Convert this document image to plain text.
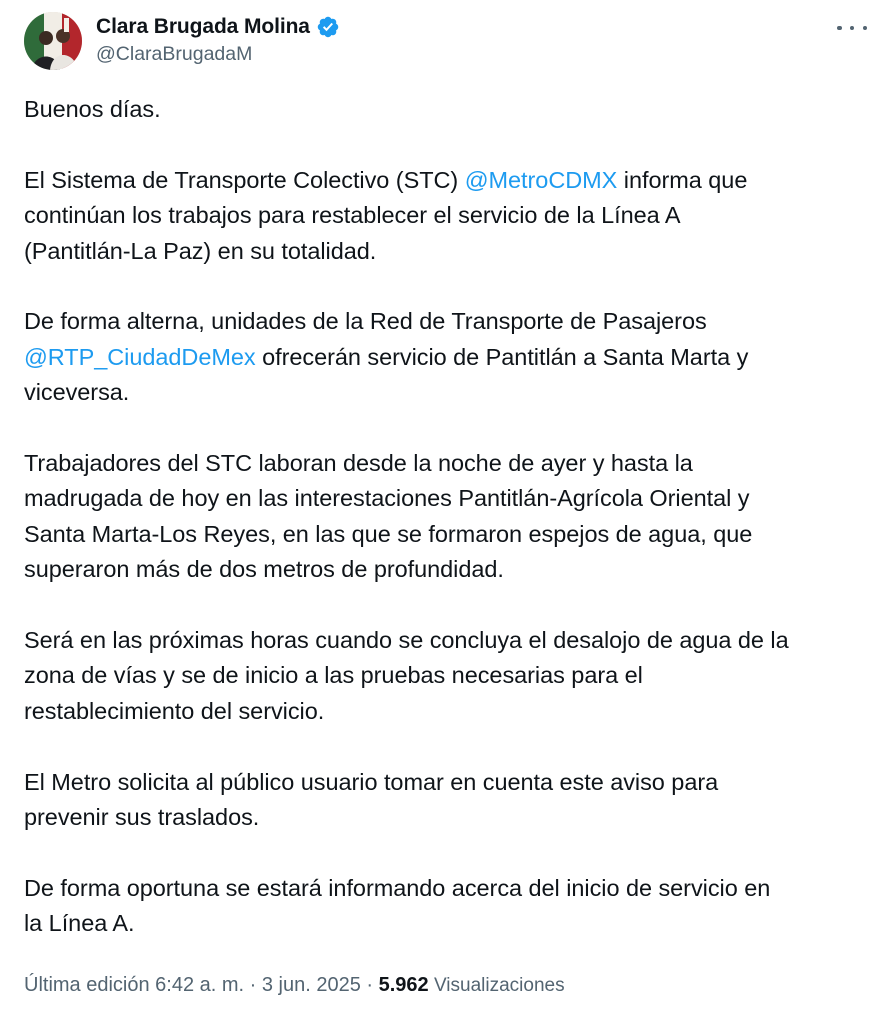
Clara Brugada Molina
@ClaraBrugadaM
Buenos días.
El Sistema de Transporte Colectivo (STC) @MetroCDMX informa que
continúan los trabajos para restablecer el servicio de la Línea A
(Pantitlán-La Paz) en su totalidad.
De forma alterna, unidades de la Red de Transporte de Pasajeros
@RTP_CiudadDeMex ofrecerán servicio de Pantitlán a Santa Marta y
viceversa.
Trabajadores del STC laboran desde la noche de ayer y hasta la
madrugada de hoy en las interestaciones Pantitlán-Agrícola Oriental y
Santa Marta-Los Reyes, en las que se formaron espejos de agua, que
superaron más de dos metros de profundidad.
Será en las próximas horas cuando se concluya el desalojo de agua de la
zona de vías y se de inicio a las pruebas necesarias para el
restablecimiento del servicio.
El Metro solicita al público usuario tomar en cuenta este aviso para
prevenir sus traslados.
De forma oportuna se estará informando acerca del inicio de servicio en
la Línea A.
Última edición 6:42 a. m. · 3 jun. 2025 · 5.962 Visualizaciones
